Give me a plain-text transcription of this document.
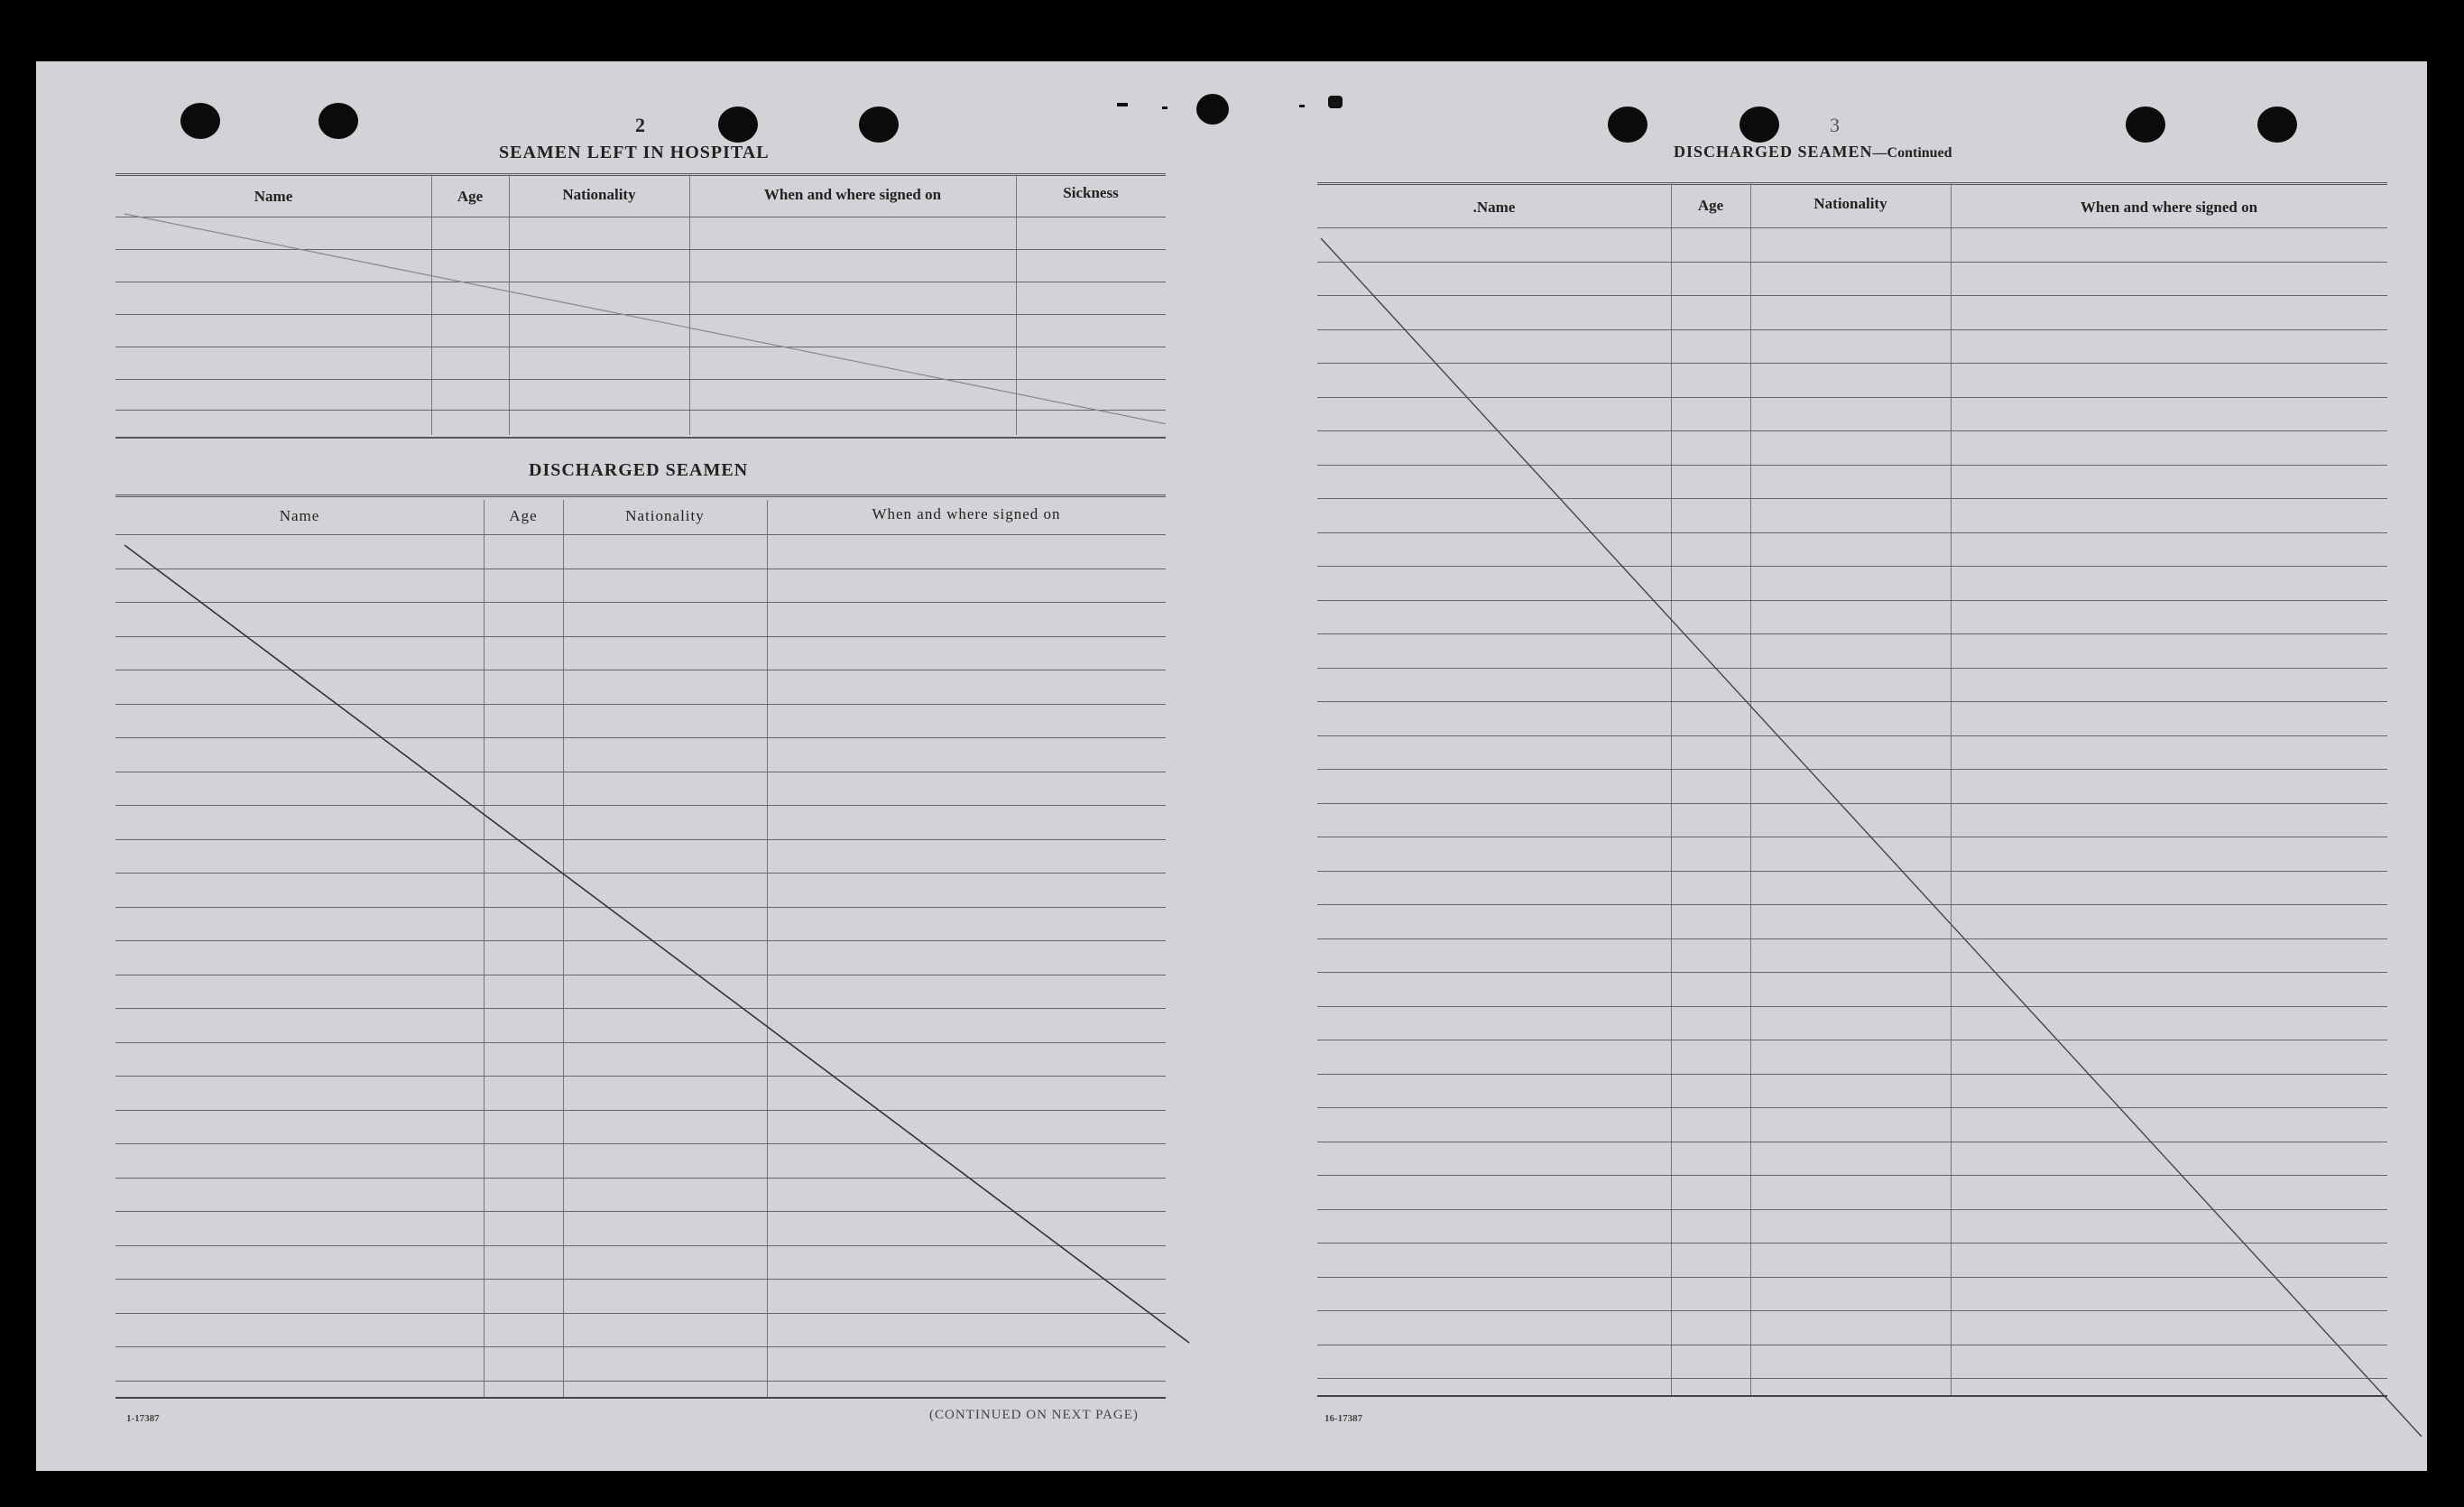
2
SEAMEN LEFT IN HOSPITAL
Name	Age	Nationality	When and where signed on	Sickness
DISCHARGED SEAMEN
Name	Age	Nationality	When and where signed on
1-17387	(CONTINUED ON NEXT PAGE)
3
DISCHARGED SEAMEN—Continued
.Name	Age	Nationality	When and where signed on
16-17387
